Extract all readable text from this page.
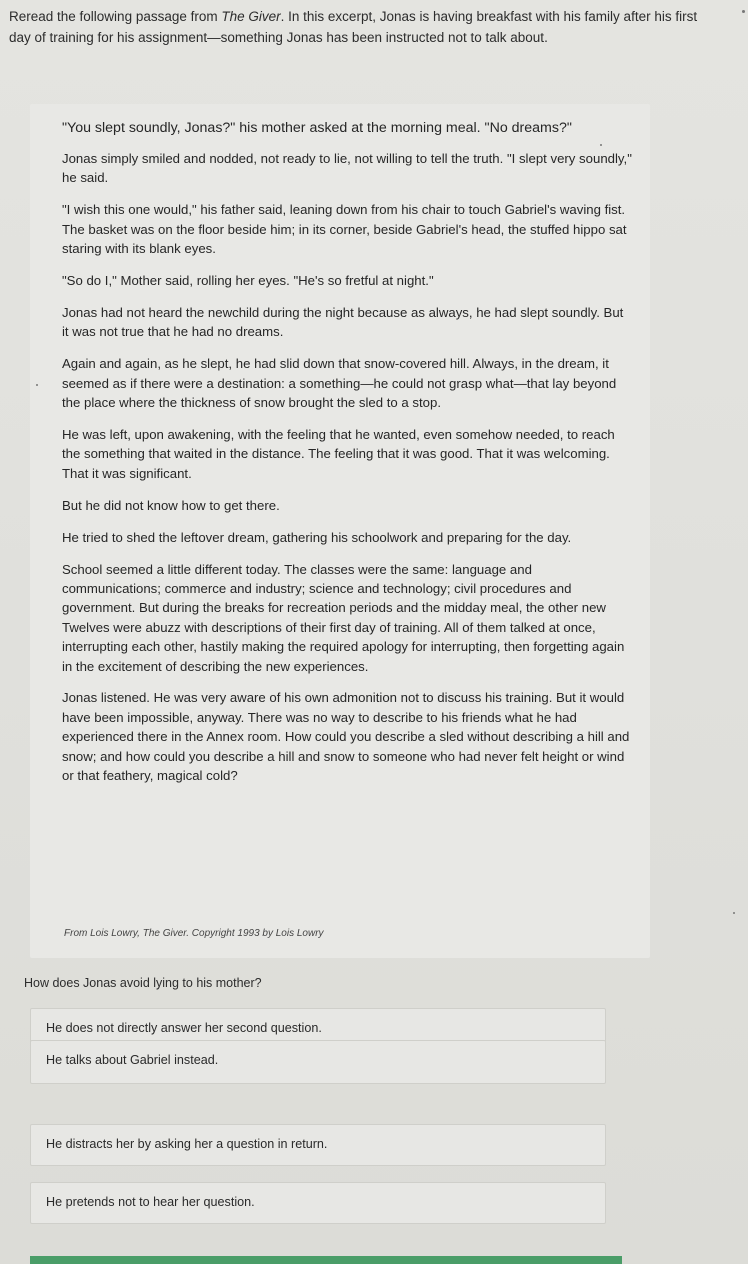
Reread the following passage from The Giver. In this excerpt, Jonas is having breakfast with his family after his first day of training for his assignment—something Jonas has been instructed not to talk about.

"You slept soundly, Jonas?" his mother asked at the morning meal. "No dreams?"

Jonas simply smiled and nodded, not ready to lie, not willing to tell the truth. "I slept very soundly," he said.

"I wish this one would," his father said, leaning down from his chair to touch Gabriel's waving fist. The basket was on the floor beside him; in its corner, beside Gabriel's head, the stuffed hippo sat staring with its blank eyes.

"So do I," Mother said, rolling her eyes. "He's so fretful at night."

Jonas had not heard the newchild during the night because as always, he had slept soundly. But it was not true that he had no dreams.

Again and again, as he slept, he had slid down that snow-covered hill. Always, in the dream, it seemed as if there were a destination: a something—he could not grasp what—that lay beyond the place where the thickness of snow brought the sled to a stop.

He was left, upon awakening, with the feeling that he wanted, even somehow needed, to reach the something that waited in the distance. The feeling that it was good. That it was welcoming. That it was significant.

But he did not know how to get there.

He tried to shed the leftover dream, gathering his schoolwork and preparing for the day.

School seemed a little different today. The classes were the same: language and communications; commerce and industry; science and technology; civil procedures and government. But during the breaks for recreation periods and the midday meal, the other new Twelves were abuzz with descriptions of their first day of training. All of them talked at once, interrupting each other, hastily making the required apology for interrupting, then forgetting again in the excitement of describing the new experiences.

Jonas listened. He was very aware of his own admonition not to discuss his training. But it would have been impossible, anyway. There was no way to describe to his friends what he had experienced there in the Annex room. How could you describe a sled without describing a hill and snow; and how could you describe a hill and snow to someone who had never felt height or wind or that feathery, magical cold?

From Lois Lowry, The Giver. Copyright 1993 by Lois Lowry
How does Jonas avoid lying to his mother?
He does not directly answer her second question.
He talks about Gabriel instead.
He distracts her by asking her a question in return.
He pretends not to hear her question.
